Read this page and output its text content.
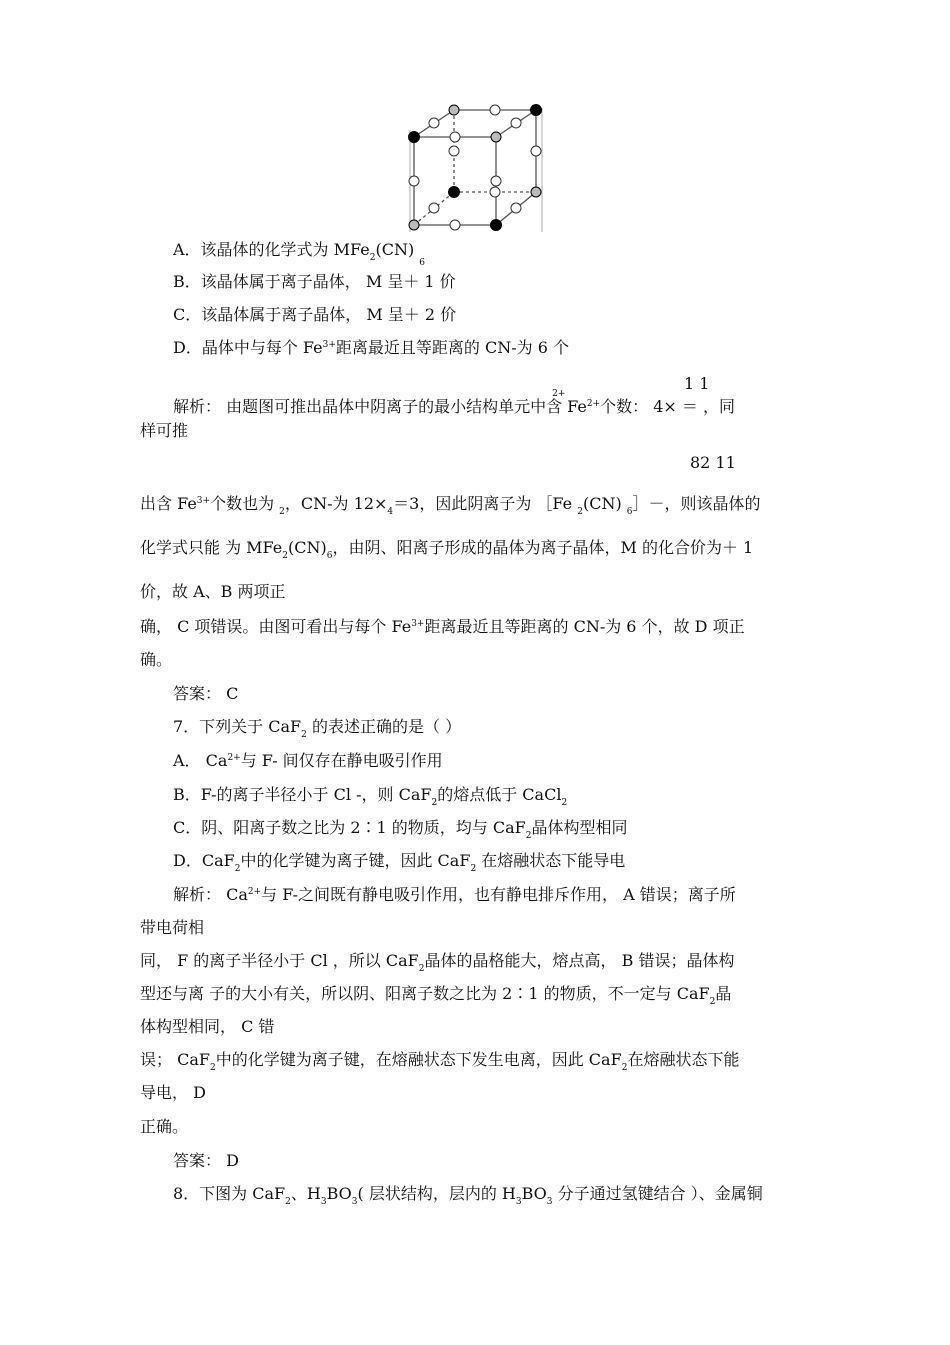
A．该晶体的化学式为 MFe$_2$(CN) $_6$
B．该晶体属于离子晶体， M 呈＋ 1 价
C．该晶体属于离子晶体， M 呈＋ 2 价
D．晶体中与每个 $Fe^{3+}$距离最近且等距离的 CN-为 6 个
1 1
解析： 由题图可推出晶体中阴离子的最小结构单元中含
2+
$Fe^{2+}$个数： 4× ＝ ，同
样可推
82 11
出含 $Fe^{3+}$个数也为 $_2$，CN-为 $12\times_4=3$，因此阴离子为 ［Fe $_2$(CN) $_6$］－，则该晶体的
化学式只能 为 $MFe_2(CN)_6$，由阴、阳离子形成的晶体为离子晶体，M 的化合价为＋ 1
价，故 A、B 两项正
确， C 项错误。由图可看出与每个 $Fe^{3+}$距离最近且等距离的 CN-为 6 个，故 D 项正
确。
答案： C
7．下列关于 CaF$_2$ 的表述正确的是（ ）
A． $Ca^{2+}$与 F- 间仅存在静电吸引作用
B．F-的离子半径小于 Cl -，则 CaF$_2$的熔点低于 CaCl$_2$
C．阴、阳离子数之比为 2∶1 的物质，均与 CaF$_2$晶体构型相同
D．CaF$_2$中的化学键为离子键，因此 CaF$_2$ 在熔融状态下能导电
解析： $Ca^{2+}$与 F-之间既有静电吸引作用，也有静电排斥作用， A 错误；离子所
带电荷相
同， F 的离子半径小于 Cl ，所以 CaF$_2$晶体的晶格能大，熔点高， B 错误；晶体构
型还与离 子的大小有关，所以阴、阳离子数之比为 2∶1 的物质，不一定与 CaF$_2$晶
体构型相同， C 错
误； CaF$_2$中的化学键为离子键，在熔融状态下发生电离，因此 CaF$_2$在熔融状态下能
导电， D
正确。
答案： D
8．下图为 CaF$_2$、$H_3BO_3$( 层状结构，层内的 $H_3BO_3$ 分子通过氢键结合 ）、金属铜
